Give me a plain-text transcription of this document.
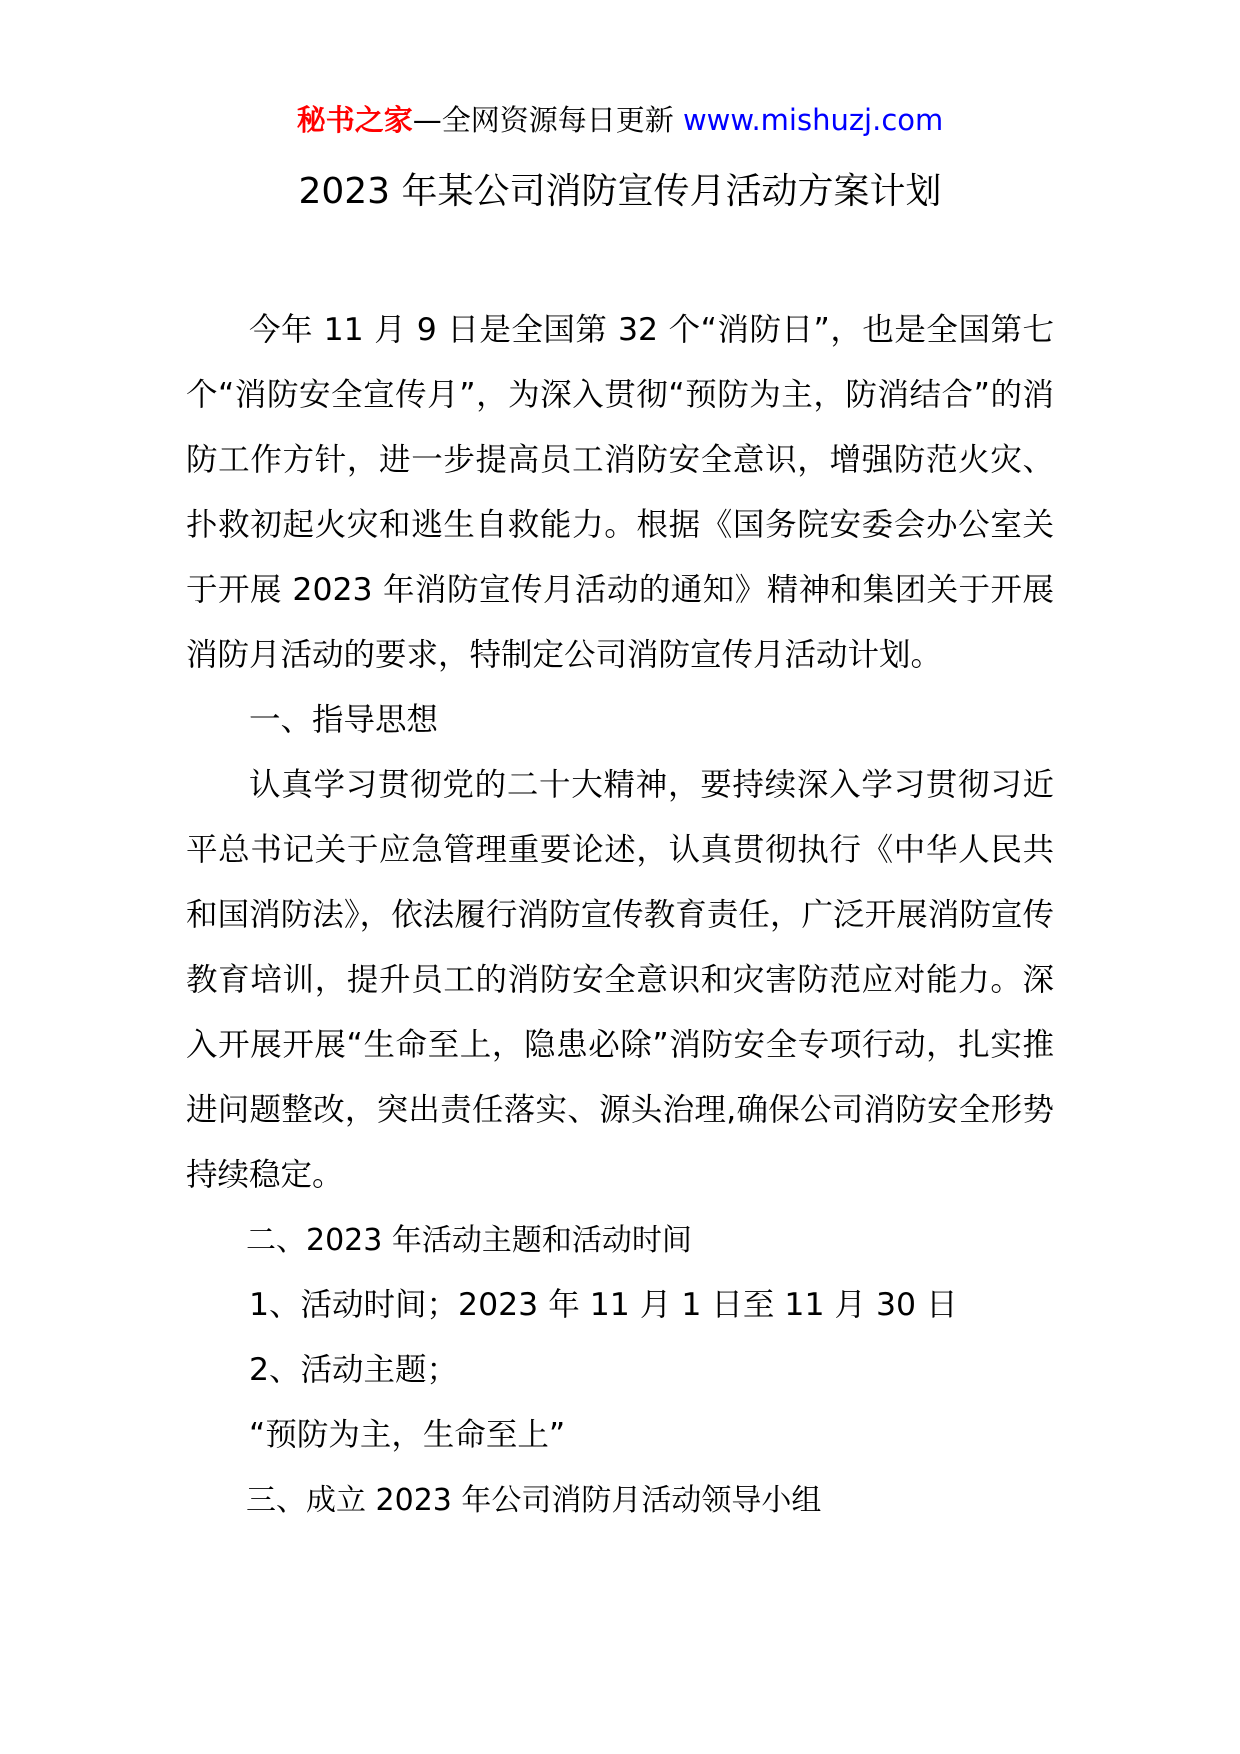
秘书之家—全网资源每日更新 www.mishuzj.com
2023 年某公司消防宣传月活动方案计划

今年 11 月 9 日是全国第 32 个“消防日”，也是全国第七个“消防安全宣传月”，为深入贯彻“预防为主，防消结合”的消防工作方针，进一步提高员工消防安全意识，增强防范火灾、扑救初起火灾和逃生自救能力。根据《国务院安委会办公室关于开展 2023 年消防宣传月活动的通知》精神和集团关于开展消防月活动的要求，特制定公司消防宣传月活动计划。

一、指导思想

认真学习贯彻党的二十大精神，要持续深入学习贯彻习近平总书记关于应急管理重要论述，认真贯彻执行《中华人民共和国消防法》，依法履行消防宣传教育责任，广泛开展消防宣传教育培训，提升员工的消防安全意识和灾害防范应对能力。深入开展开展“生命至上，隐患必除”消防安全专项行动，扎实推进问题整改，突出责任落实、源头治理,确保公司消防安全形势持续稳定。

二、2023 年活动主题和活动时间

1、活动时间；2023 年 11 月 1 日至 11 月 30 日

2、活动主题；

“预防为主，生命至上”

三、成立 2023 年公司消防月活动领导小组
